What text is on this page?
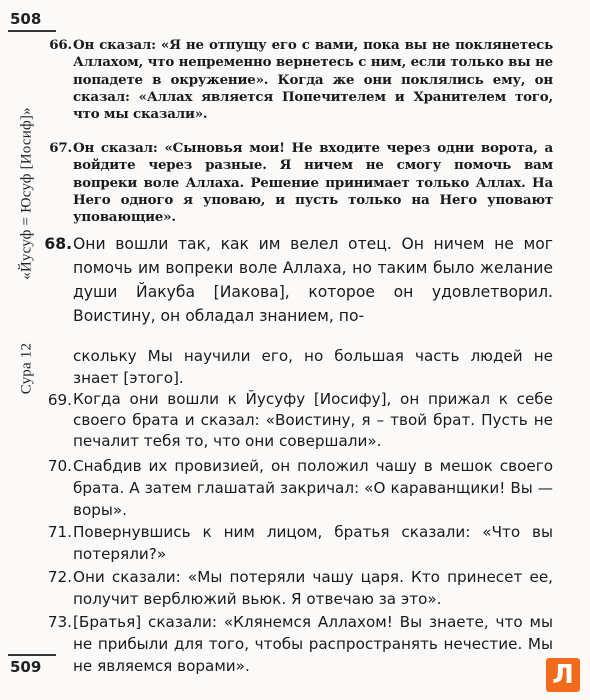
508
«Йусуф = Юсуф [Иосиф]»
Сура 12
66. Он сказал: «Я не отпущу его с вами, пока вы не поклянетесь Аллахом, что непременно вернетесь с ним, если только вы не попадете в окружение». Когда же они поклялись ему, он сказал: «Аллах является Попечителем и Хранителем того, что мы сказали».

67. Он сказал: «Сыновья мои! Не входите через одни ворота, а войдите через разные. Я ничем не смогу помочь вам вопреки воле Аллаха. Решение принимает только Аллах. На Него одного я уповаю, и пусть только на Него уповают уповающие».

68. Они вошли так, как им велел отец. Он ничем не мог помочь им вопреки воле Аллаха, но таким было желание души Йакуба [Иакова], которое он удовлетворил. Воистину, он обладал знанием, по-

скольку Мы научили его, но большая часть людей не знает [этого].

69. Когда они вошли к Йусуфу [Иосифу], он прижал к себе своего брата и сказал: «Воистину, я – твой брат. Пусть не печалит тебя то, что они совершали».

70. Снабдив их провизией, он положил чашу в мешок своего брата. А затем глашатай закричал: «О караванщики! Вы — воры».

71. Повернувшись к ним лицом, братья сказали: «Что вы потеряли?»

72. Они сказали: «Мы потеряли чашу царя. Кто принесет ее, получит верблюжий вьюк. Я отвечаю за это».

73. [Братья] сказали: «Клянемся Аллахом! Вы знаете, что мы не прибыли для того, чтобы распространять нечестие. Мы не являемся ворами».

509	Л
